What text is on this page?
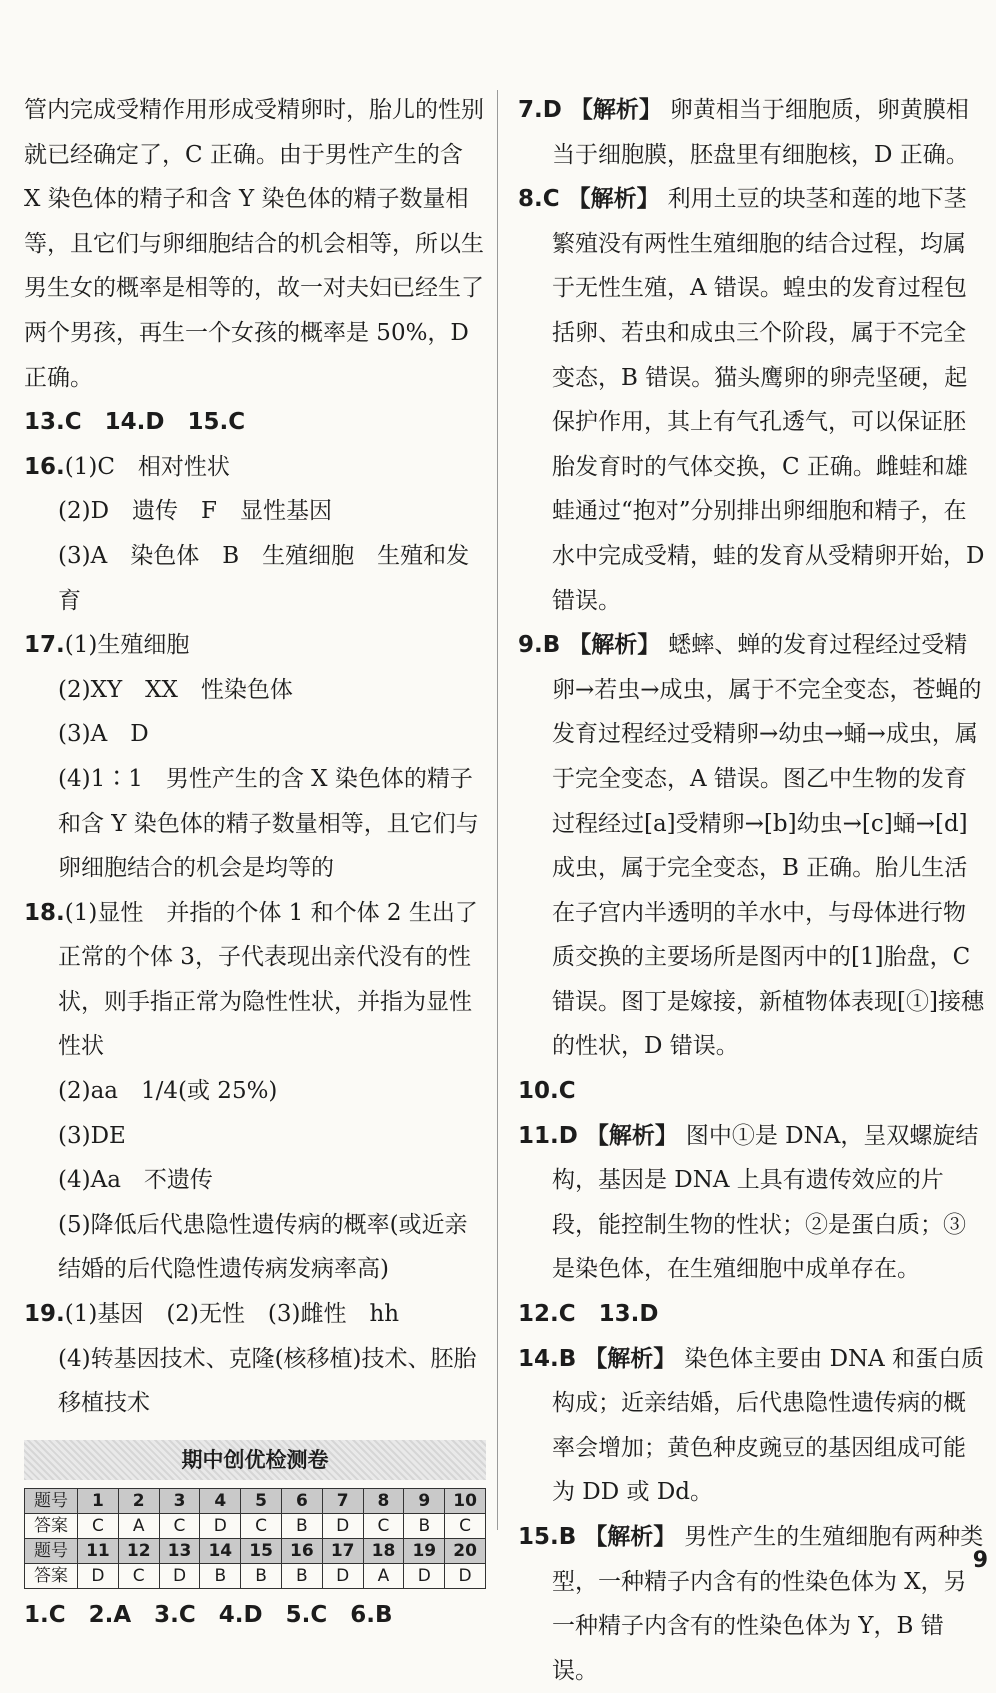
管内完成受精作用形成受精卵时，胎儿的性别就已经确定了，C 正确。由于男性产生的含 X 染色体的精子和含 Y 染色体的精子数量相等，且它们与卵细胞结合的机会相等，所以生男生女的概率是相等的，故一对夫妇已经生了两个男孩，再生一个女孩的概率是 50%，D 正确。
13.C　14.D　15.C
16.(1)C　相对性状
(2)D　遗传　F　显性基因
(3)A　染色体　B　生殖细胞　生殖和发育
17.(1)生殖细胞
(2)XY　XX　性染色体
(3)A　D
(4)1∶1　男性产生的含 X 染色体的精子和含 Y 染色体的精子数量相等，且它们与卵细胞结合的机会是均等的
18.(1)显性　并指的个体 1 和个体 2 生出了正常的个体 3，子代表现出亲代没有的性状，则手指正常为隐性性状，并指为显性性状
(2)aa　1/4(或 25%)
(3)DE
(4)Aa　不遗传
(5)降低后代患隐性遗传病的概率(或近亲结婚的后代隐性遗传病发病率高)
19.(1)基因　(2)无性　(3)雌性　hh
(4)转基因技术、克隆(核移植)技术、胚胎移植技术
期中创优检测卷
题号	1	2	3	4	5	6	7	8	9	10
答案	C	A	C	D	C	B	D	C	B	C
题号	11	12	13	14	15	16	17	18	19	20
答案	D	C	D	B	B	B	D	A	D	D
1.C　2.A　3.C　4.D　5.C　6.B
7.D 【解析】 卵黄相当于细胞质，卵黄膜相当于细胞膜，胚盘里有细胞核，D 正确。
8.C 【解析】 利用土豆的块茎和莲的地下茎繁殖没有两性生殖细胞的结合过程，均属于无性生殖，A 错误。蝗虫的发育过程包括卵、若虫和成虫三个阶段，属于不完全变态，B 错误。猫头鹰卵的卵壳坚硬，起保护作用，其上有气孔透气，可以保证胚胎发育时的气体交换，C 正确。雌蛙和雄蛙通过“抱对”分别排出卵细胞和精子，在水中完成受精，蛙的发育从受精卵开始，D 错误。
9.B 【解析】 蟋蟀、蝉的发育过程经过受精卵→若虫→成虫，属于不完全变态，苍蝇的发育过程经过受精卵→幼虫→蛹→成虫，属于完全变态，A 错误。图乙中生物的发育过程经过[a]受精卵→[b]幼虫→[c]蛹→[d]成虫，属于完全变态，B 正确。胎儿生活在子宫内半透明的羊水中，与母体进行物质交换的主要场所是图丙中的[1]胎盘，C 错误。图丁是嫁接，新植物体表现[①]接穗的性状，D 错误。
10.C
11.D 【解析】 图中①是 DNA，呈双螺旋结构，基因是 DNA 上具有遗传效应的片段，能控制生物的性状；②是蛋白质；③是染色体，在生殖细胞中成单存在。
12.C　13.D
14.B 【解析】 染色体主要由 DNA 和蛋白质构成；近亲结婚，后代患隐性遗传病的概率会增加；黄色种皮豌豆的基因组成可能为 DD 或 Dd。
15.B 【解析】 男性产生的生殖细胞有两种类型，一种精子内含有的性染色体为 X，另一种精子内含有的性染色体为 Y，B 错误。
9
